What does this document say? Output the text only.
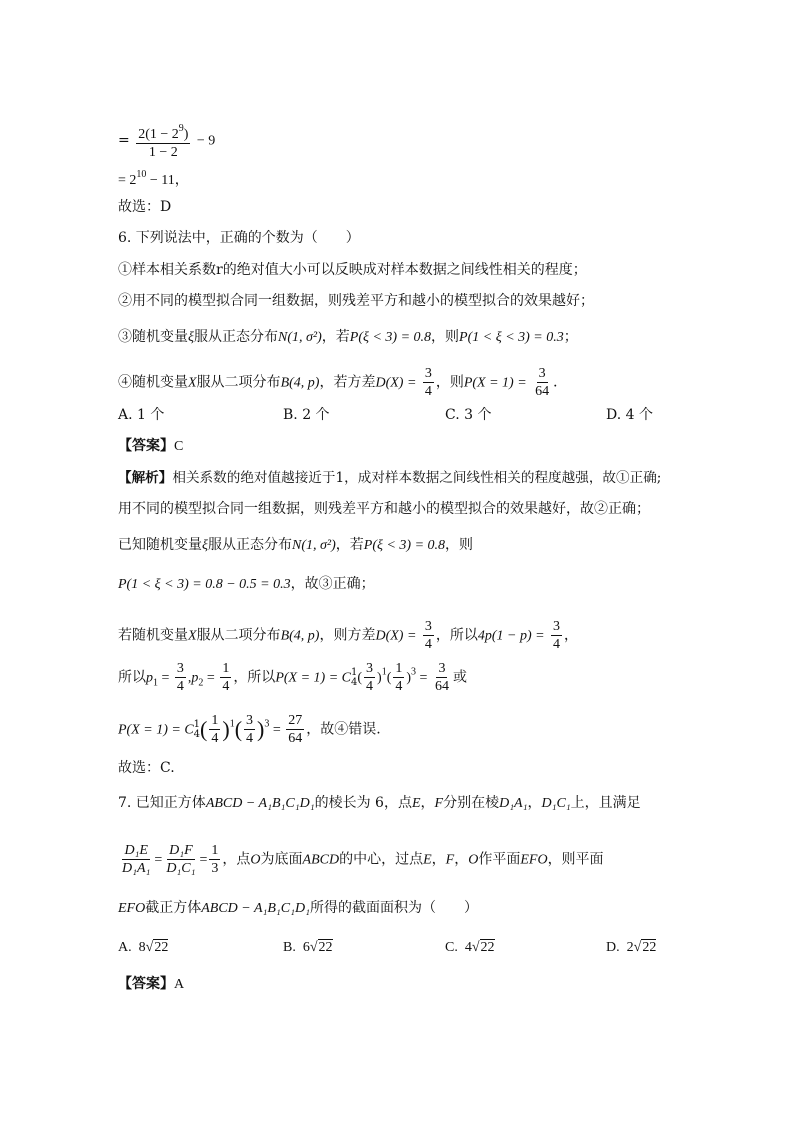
= $\frac{2(1 - 2^9)}{1 - 2} - 9$
= $2^{10} - 11$，
故选：D
6. 下列说法中，正确的个数为（　　）
①样本相关系数r的绝对值大小可以反映成对样本数据之间线性相关的程度；
②用不同的模型拟合同一组数据，则残差平方和越小的模型拟合的效果越好；
③随机变量ξ服从正态分布N(1, σ²)，若P(ξ < 3) = 0.8，则P(1 < ξ < 3) = 0.3；
④随机变量X服从二项分布B(4, p)，若方差$D(X) = \frac{3}{4}$ ，则$P(X = 1) = \frac{3}{64}$ ．
A. 1 个	B. 2 个	C. 3 个	D. 4 个
【答案】C
【解析】相关系数的绝对值越接近于1，成对样本数据之间线性相关的程度越强，故①正确;
用不同的模型拟合同一组数据，则残差平方和越小的模型拟合的效果越好，故②正确；
已知随机变量ξ服从正态分布N(1, σ²)，若P(ξ < 3) = 0.8，则
P(1 < ξ < 3) = 0.8 − 0.5 = 0.3，故③正确；
若随机变量X服从二项分布B(4, p)，则方差$D(X) = \frac{3}{4}$ ，所以$4p(1 - p) = \frac{3}{4}$ ，
所以$p_1 = \frac{3}{4} ,p_2 = \frac{1}{4}$ ，所以P(X = 1) = C 1
4 ( $\frac{3}{4} )^1( \frac{1}{4} )^3 = \frac{3}{64}$ 或
P(X = 1) = C 1
4 ( $\frac{1}{4} )^1( \frac{3}{4} )^3 = \frac{27}{64}$ ，故④错误.
故选：C.
7. 已知正方体ABCD − A₁B₁C₁D₁的棱长为 6，点E，F分别在棱D₁A₁，D₁C₁上，且满足
$\frac{\text{D₁E}}{\text{D₁A₁}} = \frac{\text{D₁F}}{\text{D₁C₁}} = \frac{1}{3}$ ，点O为底面ABCD的中心，过点E，F，O作平面EFO，则平面
EFO截正方体ABCD − A₁B₁C₁D₁所得的截面面积为（　　）
A. 8√22	B. 6√22	C. 4√22	D. 2√22
【答案】A
